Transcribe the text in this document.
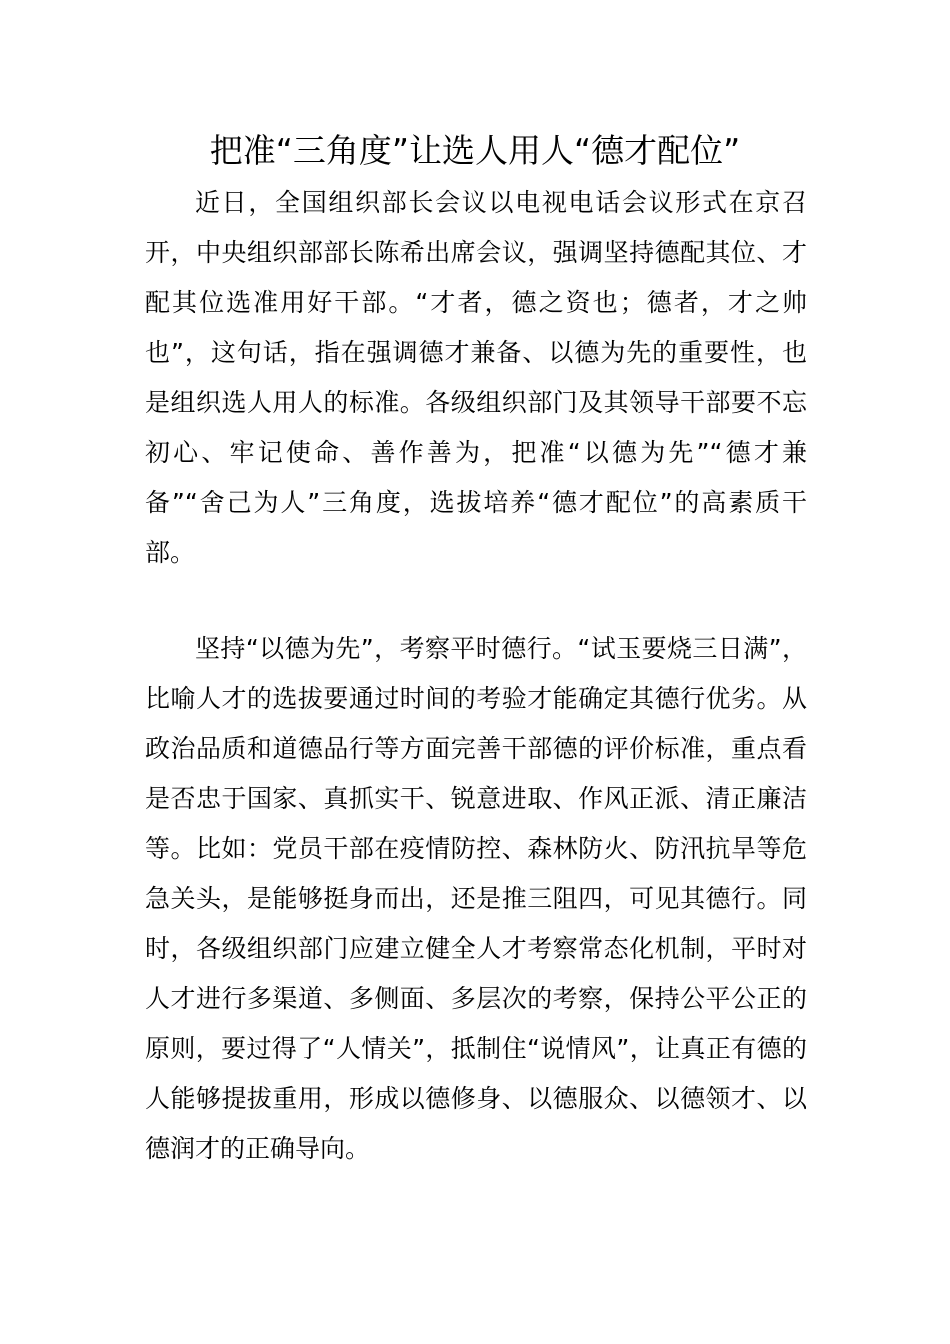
把准“三角度”让选人用人“德才配位”

近日，全国组织部长会议以电视电话会议形式在京召开，中央组织部部长陈希出席会议，强调坚持德配其位、才配其位选准用好干部。“才者，德之资也；德者，才之帅也”，这句话，指在强调德才兼备、以德为先的重要性，也是组织选人用人的标准。各级组织部门及其领导干部要不忘初心、牢记使命、善作善为，把准“以德为先”“德才兼备”“舍己为人”三角度，选拔培养“德才配位”的高素质干部。

坚持“以德为先”，考察平时德行。“试玉要烧三日满”，比喻人才的选拔要通过时间的考验才能确定其德行优劣。从政治品质和道德品行等方面完善干部德的评价标准，重点看是否忠于国家、真抓实干、锐意进取、作风正派、清正廉洁等。比如：党员干部在疫情防控、森林防火、防汛抗旱等危急关头，是能够挺身而出，还是推三阻四，可见其德行。同时，各级组织部门应建立健全人才考察常态化机制，平时对人才进行多渠道、多侧面、多层次的考察，保持公平公正的原则，要过得了“人情关”，抵制住“说情风”，让真正有德的人能够提拔重用，形成以德修身、以德服众、以德领才、以德润才的正确导向。
